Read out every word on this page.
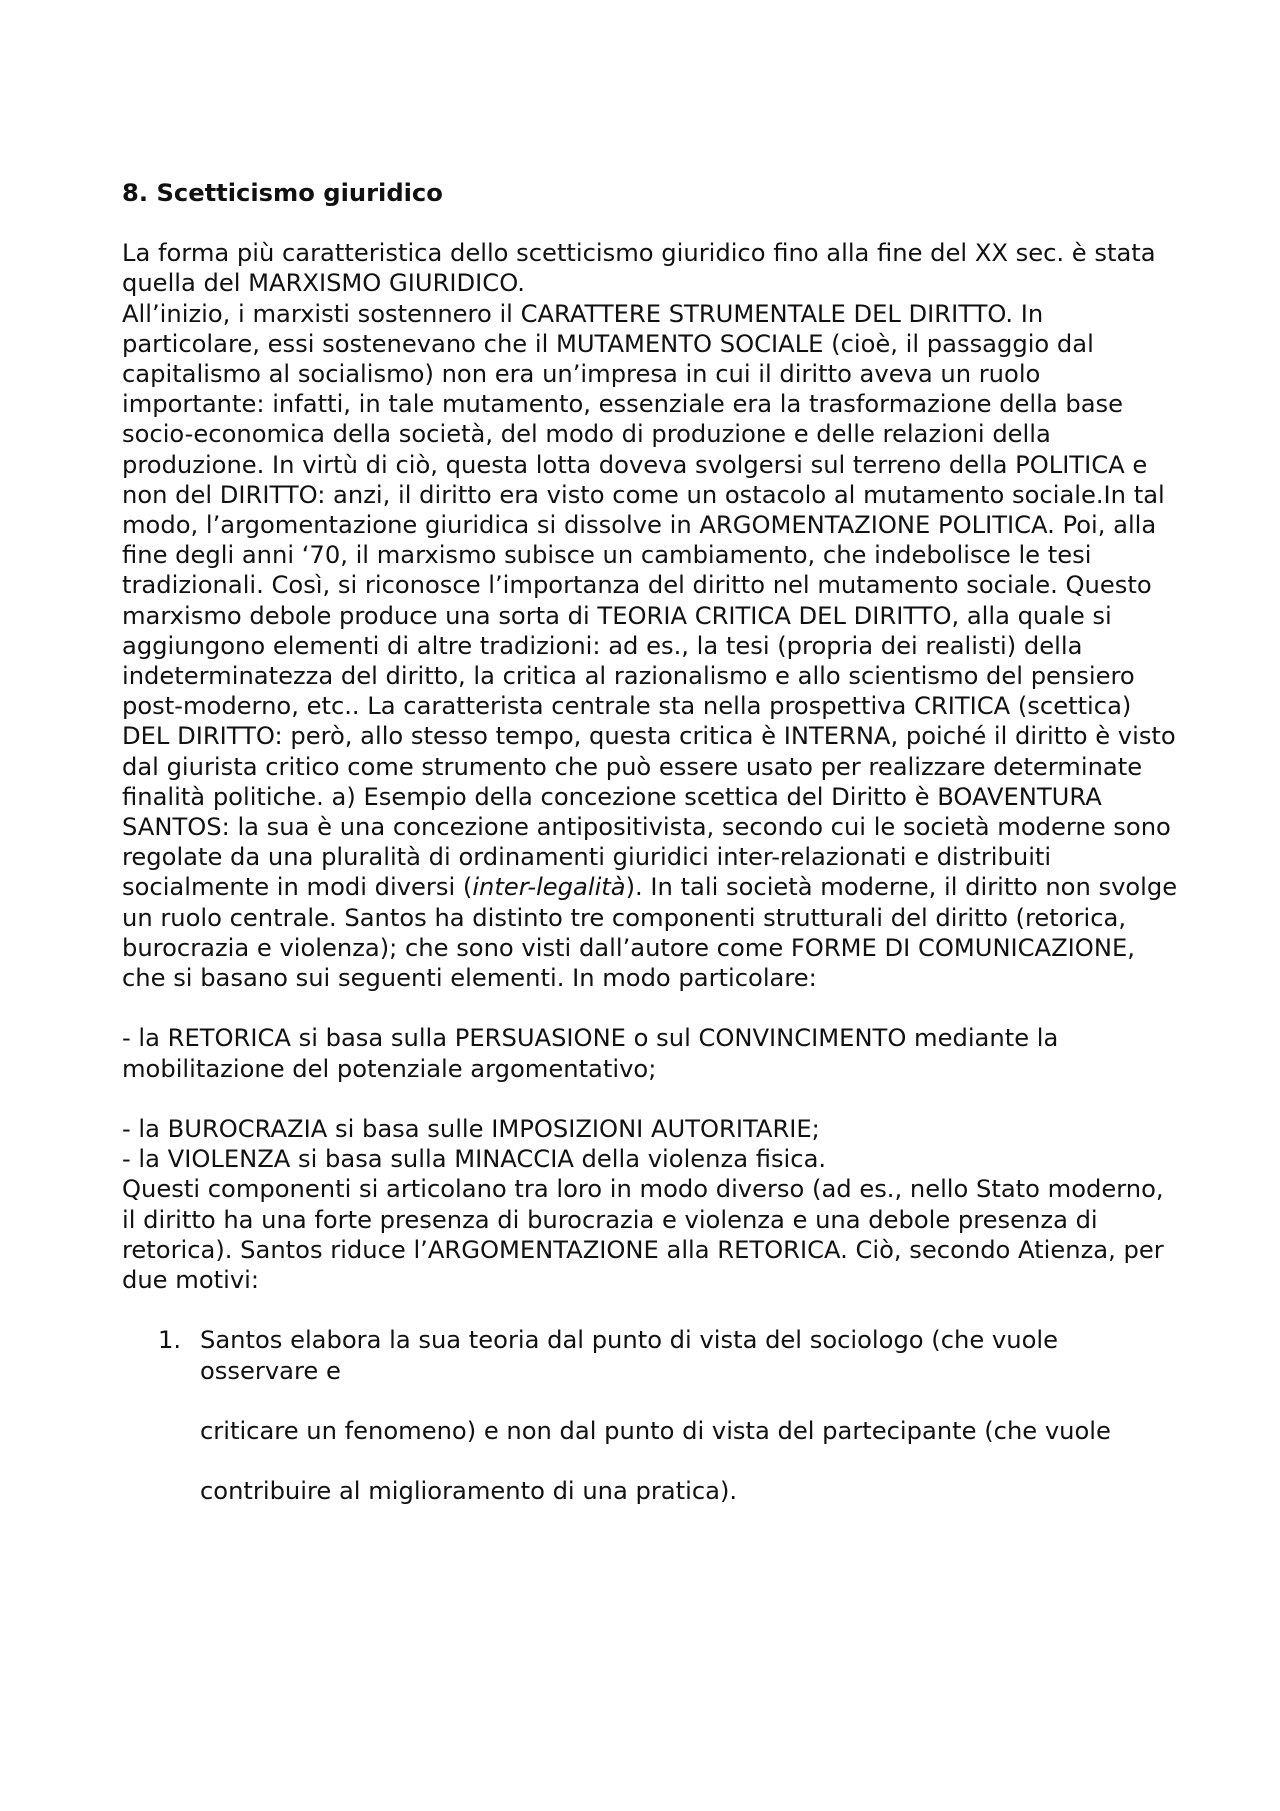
8. Scetticismo giuridico

La forma più caratteristica dello scetticismo giuridico fino alla fine del XX sec. è stata quella del MARXISMO GIURIDICO.

All’inizio, i marxisti sostennero il CARATTERE STRUMENTALE DEL DIRITTO. In particolare, essi sostenevano che il MUTAMENTO SOCIALE (cioè, il passaggio dal capitalismo al socialismo) non era un’impresa in cui il diritto aveva un ruolo importante: infatti, in tale mutamento, essenziale era la trasformazione della base socio-economica della società, del modo di produzione e delle relazioni della produzione. In virtù di ciò, questa lotta doveva svolgersi sul terreno della POLITICA e non del DIRITTO: anzi, il diritto era visto come un ostacolo al mutamento sociale.In tal modo, l’argomentazione giuridica si dissolve in ARGOMENTAZIONE POLITICA. Poi, alla fine degli anni ‘70, il marxismo subisce un cambiamento, che indebolisce le tesi tradizionali. Così, si riconosce l’importanza del diritto nel mutamento sociale. Questo marxismo debole produce una sorta di TEORIA CRITICA DEL DIRITTO, alla quale si aggiungono elementi di altre tradizioni: ad es., la tesi (propria dei realisti) della indeterminatezza del diritto, la critica al razionalismo e allo scientismo del pensiero post-moderno, etc.. La caratterista centrale sta nella prospettiva CRITICA (scettica) DEL DIRITTO: però, allo stesso tempo, questa critica è INTERNA, poiché il diritto è visto dal giurista critico come strumento che può essere usato per realizzare determinate finalità politiche. a) Esempio della concezione scettica del Diritto è BOAVENTURA SANTOS: la sua è una concezione antipositivista, secondo cui le società moderne sono regolate da una pluralità di ordinamenti giuridici inter-relazionati e distribuiti socialmente in modi diversi (inter-legalità). In tali società moderne, il diritto non svolge un ruolo centrale. Santos ha distinto tre componenti strutturali del diritto (retorica, burocrazia e violenza); che sono visti dall’autore come FORME DI COMUNICAZIONE, che si basano sui seguenti elementi. In modo particolare:

- la RETORICA si basa sulla PERSUASIONE o sul CONVINCIMENTO mediante la mobilitazione del potenziale argomentativo;

- la BUROCRAZIA si basa sulle IMPOSIZIONI AUTORITARIE;

- la VIOLENZA si basa sulla MINACCIA della violenza fisica.

Questi componenti si articolano tra loro in modo diverso (ad es., nello Stato moderno, il diritto ha una forte presenza di burocrazia e violenza e una debole presenza di retorica). Santos riduce l’ARGOMENTAZIONE alla RETORICA. Ciò, secondo Atienza, per due motivi:

1. Santos elabora la sua teoria dal punto di vista del sociologo (che vuole osservare e

criticare un fenomeno) e non dal punto di vista del partecipante (che vuole

contribuire al miglioramento di una pratica).
